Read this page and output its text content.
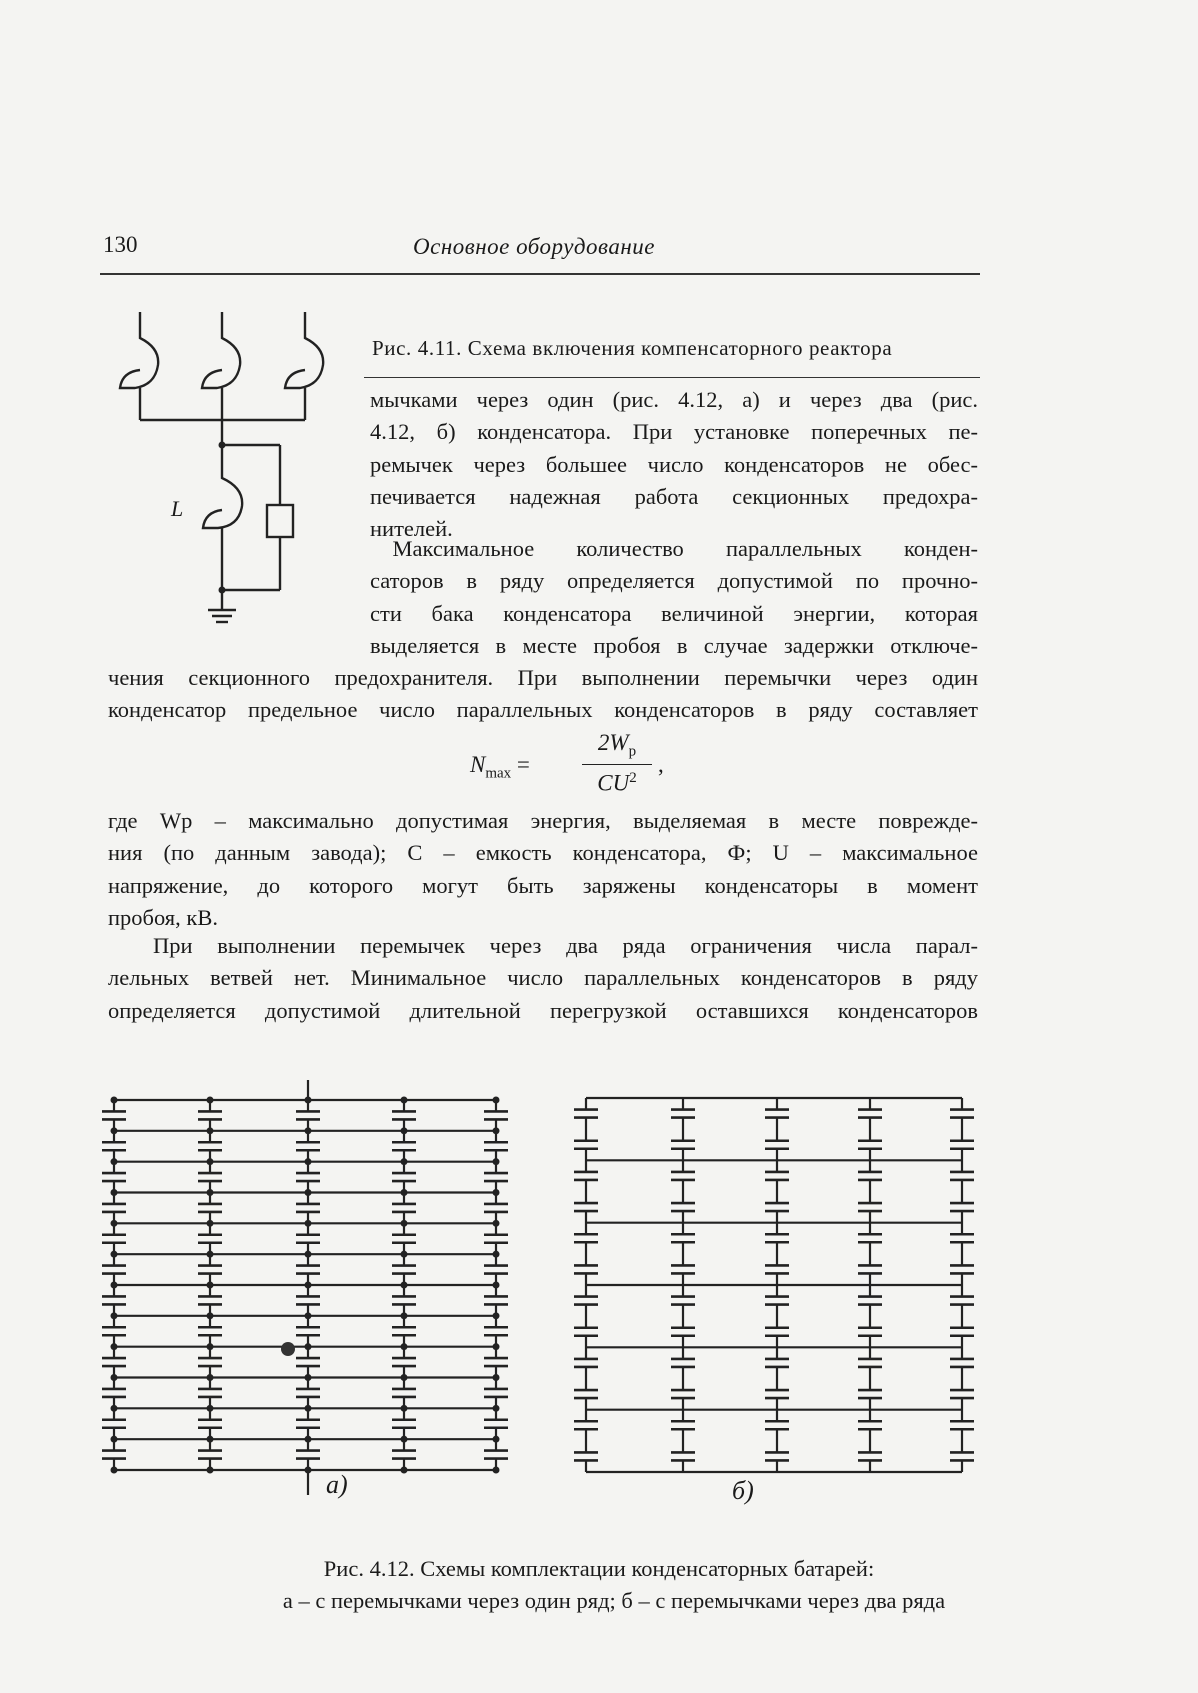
130	Основное оборудование
L
Рис. 4.11. Схема включения компенсаторного реактора
мычками через один (рис. 4.12, а) и через два (рис.
4.12, б) конденсатора. При установке поперечных пе-
ремычек через большее число конденсаторов не обес-
печивается надежная работа секционных предохра-
нителей.
 Максимальное количество параллельных конден-
саторов в ряду определяется допустимой по прочно-
сти бака конденсатора величиной энергии, которая
выделяется в месте пробоя в случае задержки отключе-
чения секционного предохранителя. При выполнении перемычки через один
конденсатор предельное число параллельных конденсаторов в ряду составляет
$N_{max}$ =
$2W_р$
$CU^2$
,
где Wр – максимально допустимая энергия, выделяемая в месте поврежде-
ния (по данным завода); С – емкость конденсатора, Ф; U – максимальное
напряжение, до которого могут быть заряжены конденсаторы в момент
пробоя, кВ.
  При выполнении перемычек через два ряда ограничения числа парал-
лельных ветвей нет. Минимальное число параллельных конденсаторов в ряду
определяется допустимой длительной перегрузкой оставшихся конденсаторов
а)	б)
Рис. 4.12. Схемы комплектации конденсаторных батарей:
а – с перемычками через один ряд; б – с перемычками через два ряда
